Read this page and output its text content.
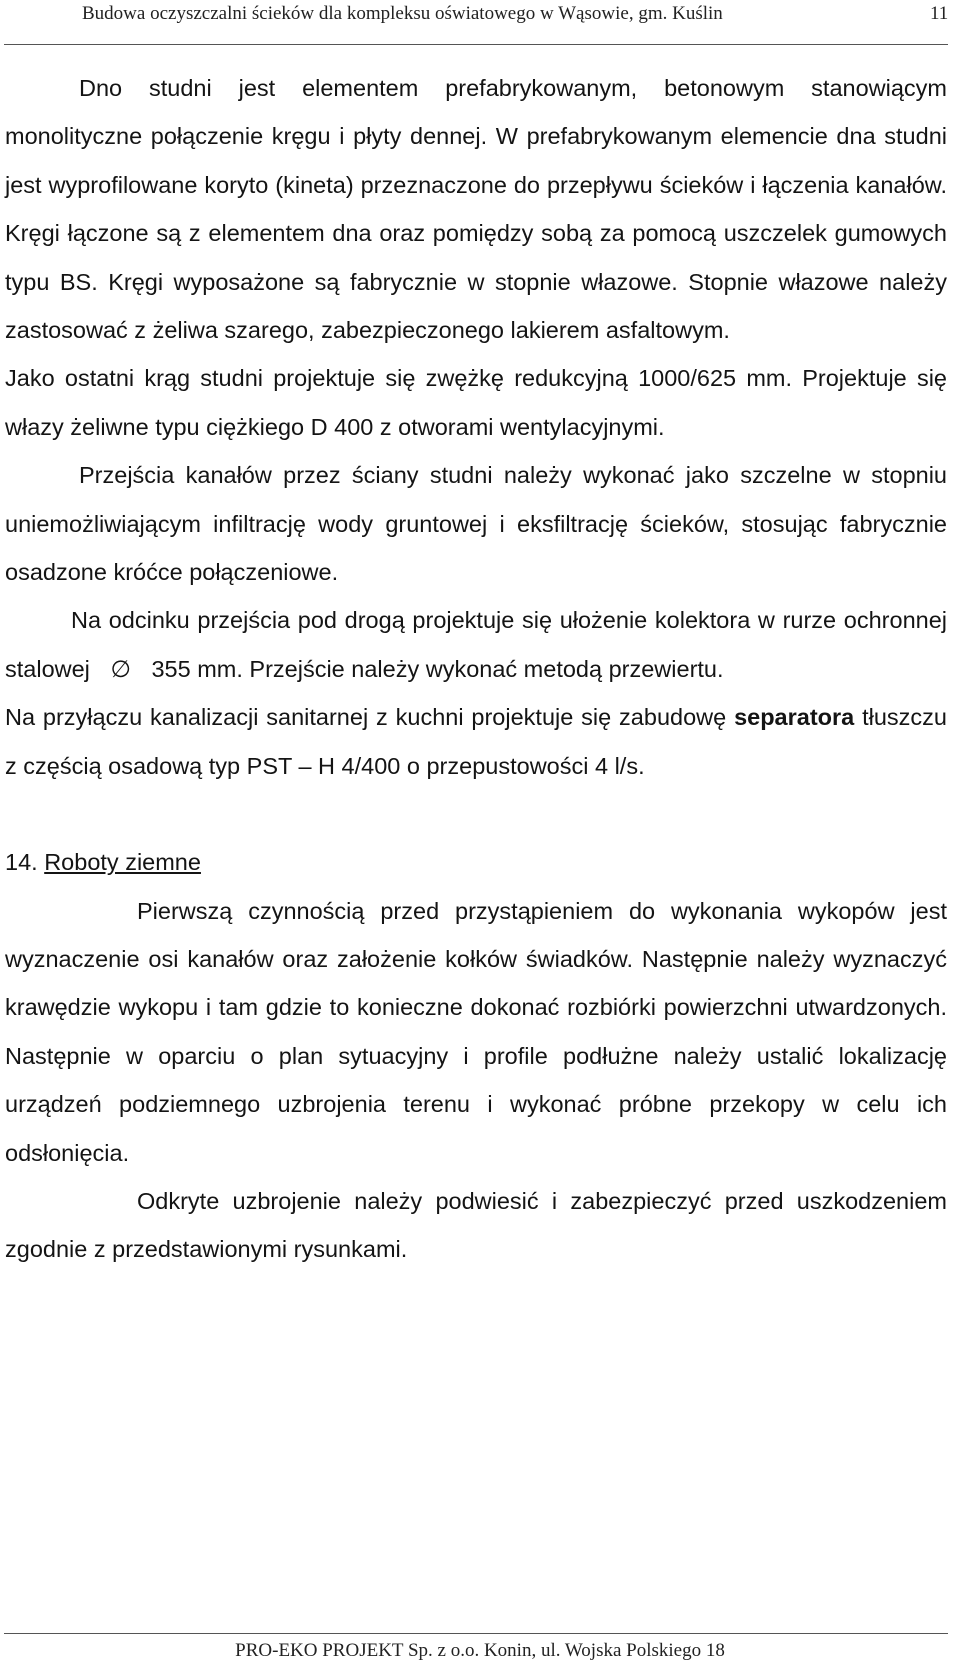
Budowa oczyszczalni ścieków dla kompleksu oświatowego w Wąsowie, gm. Kuślin	11

Dno studni jest elementem prefabrykowanym, betonowym stanowiącym monolityczne połączenie kręgu i płyty dennej. W prefabrykowanym elemencie dna studni jest wyprofilowane koryto (kineta) przeznaczone do przepływu ścieków i łączenia kanałów. Kręgi łączone są z elementem dna oraz pomiędzy sobą za pomocą uszczelek gumowych typu BS. Kręgi wyposażone są fabrycznie w stopnie włazowe. Stopnie włazowe należy zastosować z żeliwa szarego, zabezpieczonego lakierem asfaltowym.

Jako ostatni krąg studni projektuje się zwężkę redukcyjną 1000/625 mm. Projektuje się włazy żeliwne typu ciężkiego D 400 z otworami wentylacyjnymi.

Przejścia kanałów przez ściany studni należy wykonać jako szczelne w stopniu uniemożliwiającym infiltrację wody gruntowej i eksfiltrację ścieków, stosując fabrycznie osadzone króćce połączeniowe.

Na odcinku przejścia pod drogą projektuje się ułożenie kolektora w rurze ochronnej stalowej ∅ 355 mm. Przejście należy wykonać metodą przewiertu.

Na przyłączu kanalizacji sanitarnej z kuchni projektuje się zabudowę separatora tłuszczu z częścią osadową typ PST – H 4/400 o przepustowości 4 l/s.

14. Roboty ziemne

Pierwszą czynnością przed przystąpieniem do wykonania wykopów jest wyznaczenie osi kanałów oraz założenie kołków świadków. Następnie należy wyznaczyć krawędzie wykopu i tam gdzie to konieczne dokonać rozbiórki powierzchni utwardzonych. Następnie w oparciu o plan sytuacyjny i profile podłużne należy ustalić lokalizację urządzeń podziemnego uzbrojenia terenu i wykonać próbne przekopy w celu ich odsłonięcia.

Odkryte uzbrojenie należy podwiesić i zabezpieczyć przed uszkodzeniem zgodnie z przedstawionymi rysunkami.

PRO-EKO PROJEKT Sp. z o.o. Konin, ul. Wojska Polskiego 18
